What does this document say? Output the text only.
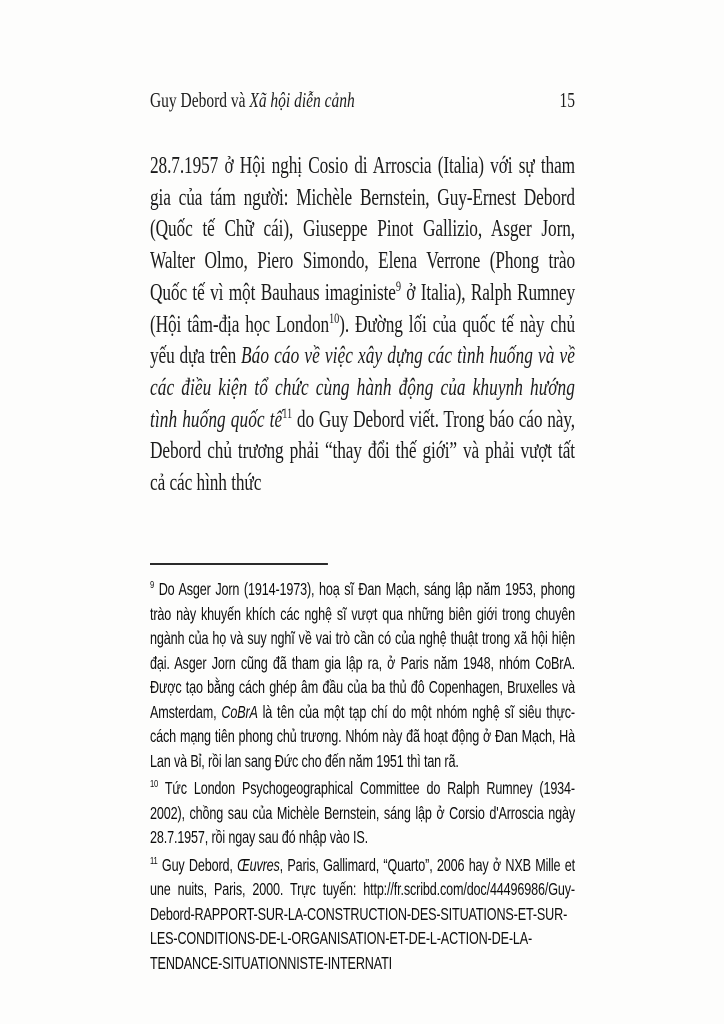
Guy Debord và Xã hội diễn cảnh	15

28.7.1957 ở Hội nghị Cosio di Arroscia (Italia) với sự tham gia của tám người: Michèle Bernstein, Guy-Ernest Debord (Quốc tế Chữ cái), Giuseppe Pinot Gallizio, Asger Jorn, Walter Olmo, Piero Simondo, Elena Verrone (Phong trào Quốc tế vì một Bauhaus imaginiste$^9$ ở Italia), Ralph Rumney (Hội tâm-địa học London$^{10}$). Đường lối của quốc tế này chủ yếu dựa trên Báo cáo về việc xây dựng các tình huống và về các điều kiện tổ chức cùng hành động của khuynh hướng tình huống quốc tế$^{11}$ do Guy Debord viết. Trong báo cáo này, Debord chủ trương phải “thay đổi thế giới” và phải vượt tất cả các hình thức

$^9$ Do Asger Jorn (1914-1973), hoạ sĩ Đan Mạch, sáng lập năm 1953, phong trào này khuyến khích các nghệ sĩ vượt qua những biên giới trong chuyên ngành của họ và suy nghĩ về vai trò cần có của nghệ thuật trong xã hội hiện đại. Asger Jorn cũng đã tham gia lập ra, ở Paris năm 1948, nhóm CoBrA. Được tạo bằng cách ghép âm đầu của ba thủ đô Copenhagen, Bruxelles và Amsterdam, CoBrA là tên của một tạp chí do một nhóm nghệ sĩ siêu thực-cách mạng tiên phong chủ trương. Nhóm này đã hoạt động ở Đan Mạch, Hà Lan và Bỉ, rồi lan sang Đức cho đến năm 1951 thì tan rã.

$^{10}$ Tức London Psychogeographical Committee do Ralph Rumney (1934-2002), chồng sau của Michèle Bernstein, sáng lập ở Corsio d'Arroscia ngày 28.7.1957, rồi ngay sau đó nhập vào IS.

$^{11}$ Guy Debord, Œuvres, Paris, Gallimard, “Quarto”, 2006 hay ở NXB Mille et une nuits, Paris, 2000. Trực tuyến: http://fr.scribd.com/doc/44496986/Guy-Debord-RAPPORT-SUR-LA-CONSTRUCTION-DES-SITUATIONS-ET-SUR-LES-CONDITIONS-DE-L-ORGANISATION-ET-DE-L-ACTION-DE-LA-TENDANCE-SITUATIONNISTE-INTERNATI
